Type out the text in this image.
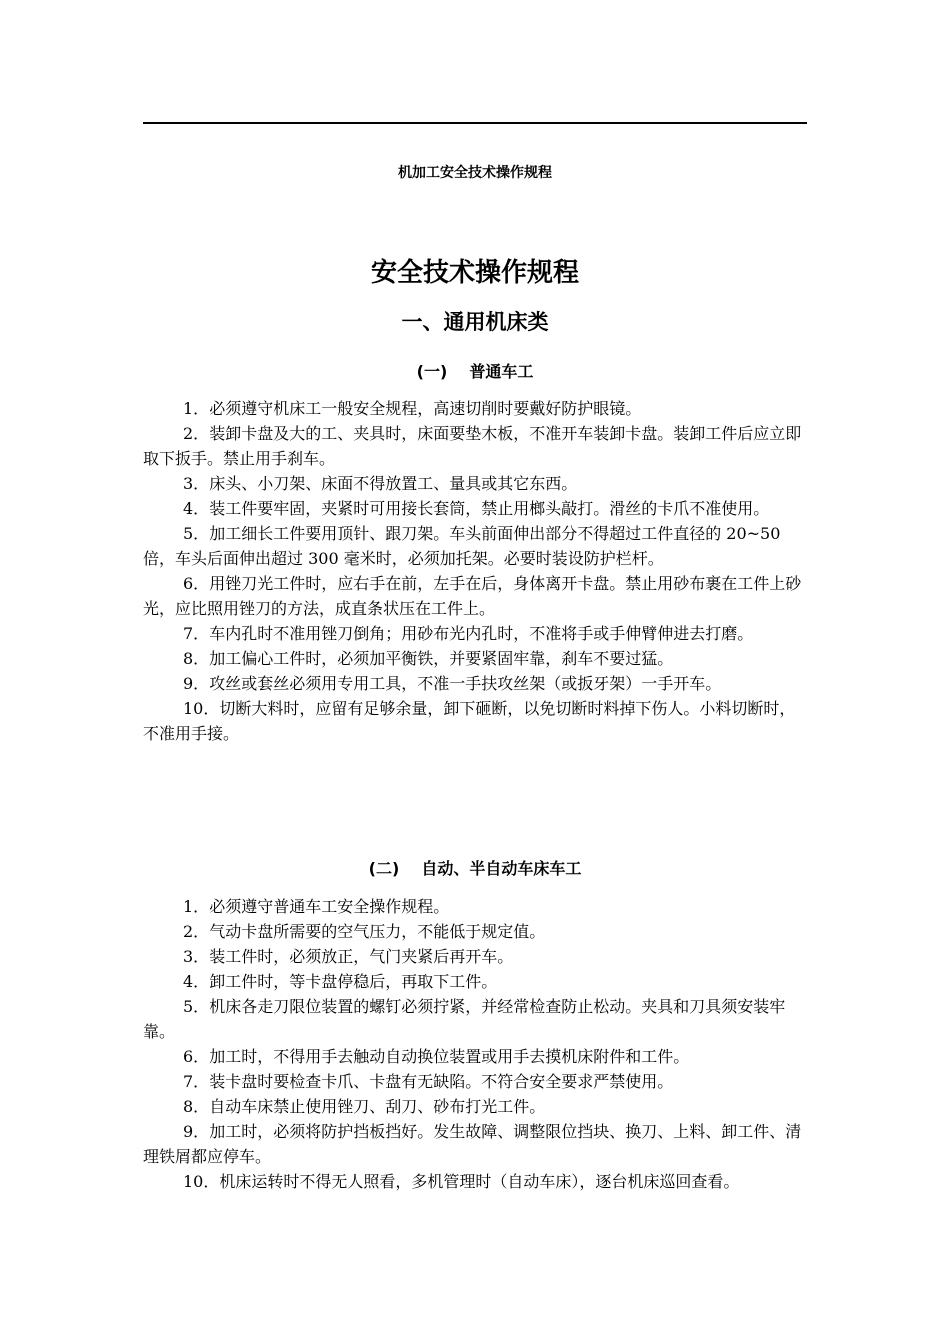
机加工安全技术操作规程
安全技术操作规程
一、通用机床类
(一) 普通车工

1．必须遵守机床工一般安全规程，高速切削时要戴好防护眼镜。

2．装卸卡盘及大的工、夹具时，床面要垫木板，不准开车装卸卡盘。装卸工件后应立即取下扳手。禁止用手刹车。

3．床头、小刀架、床面不得放置工、量具或其它东西。

4．装工件要牢固，夹紧时可用接长套筒，禁止用榔头敲打。滑丝的卡爪不准使用。

5．加工细长工件要用顶针、跟刀架。车头前面伸出部分不得超过工件直径的 20~50 倍，车头后面伸出超过 300 毫米时，必须加托架。必要时装设防护栏杆。

6．用锉刀光工件时，应右手在前，左手在后，身体离开卡盘。禁止用砂布裹在工件上砂光，应比照用锉刀的方法，成直条状压在工件上。

7．车内孔时不准用锉刀倒角；用砂布光内孔时，不准将手或手伸臂伸进去打磨。

8．加工偏心工件时，必须加平衡铁，并要紧固牢靠，刹车不要过猛。

9．攻丝或套丝必须用专用工具，不准一手扶攻丝架（或扳牙架）一手开车。

10．切断大料时，应留有足够余量，卸下砸断，以免切断时料掉下伤人。小料切断时，不准用手接。

(二) 自动、半自动车床车工

1．必须遵守普通车工安全操作规程。

2．气动卡盘所需要的空气压力，不能低于规定值。

3．装工件时，必须放正，气门夹紧后再开车。

4．卸工件时，等卡盘停稳后，再取下工件。

5．机床各走刀限位装置的螺钉必须拧紧，并经常检查防止松动。夹具和刀具须安装牢靠。

6．加工时，不得用手去触动自动换位装置或用手去摸机床附件和工件。

7．装卡盘时要检查卡爪、卡盘有无缺陷。不符合安全要求严禁使用。

8．自动车床禁止使用锉刀、刮刀、砂布打光工件。

9．加工时，必须将防护挡板挡好。发生故障、调整限位挡块、换刀、上料、卸工件、清理铁屑都应停车。

10．机床运转时不得无人照看，多机管理时（自动车床），逐台机床巡回查看。
